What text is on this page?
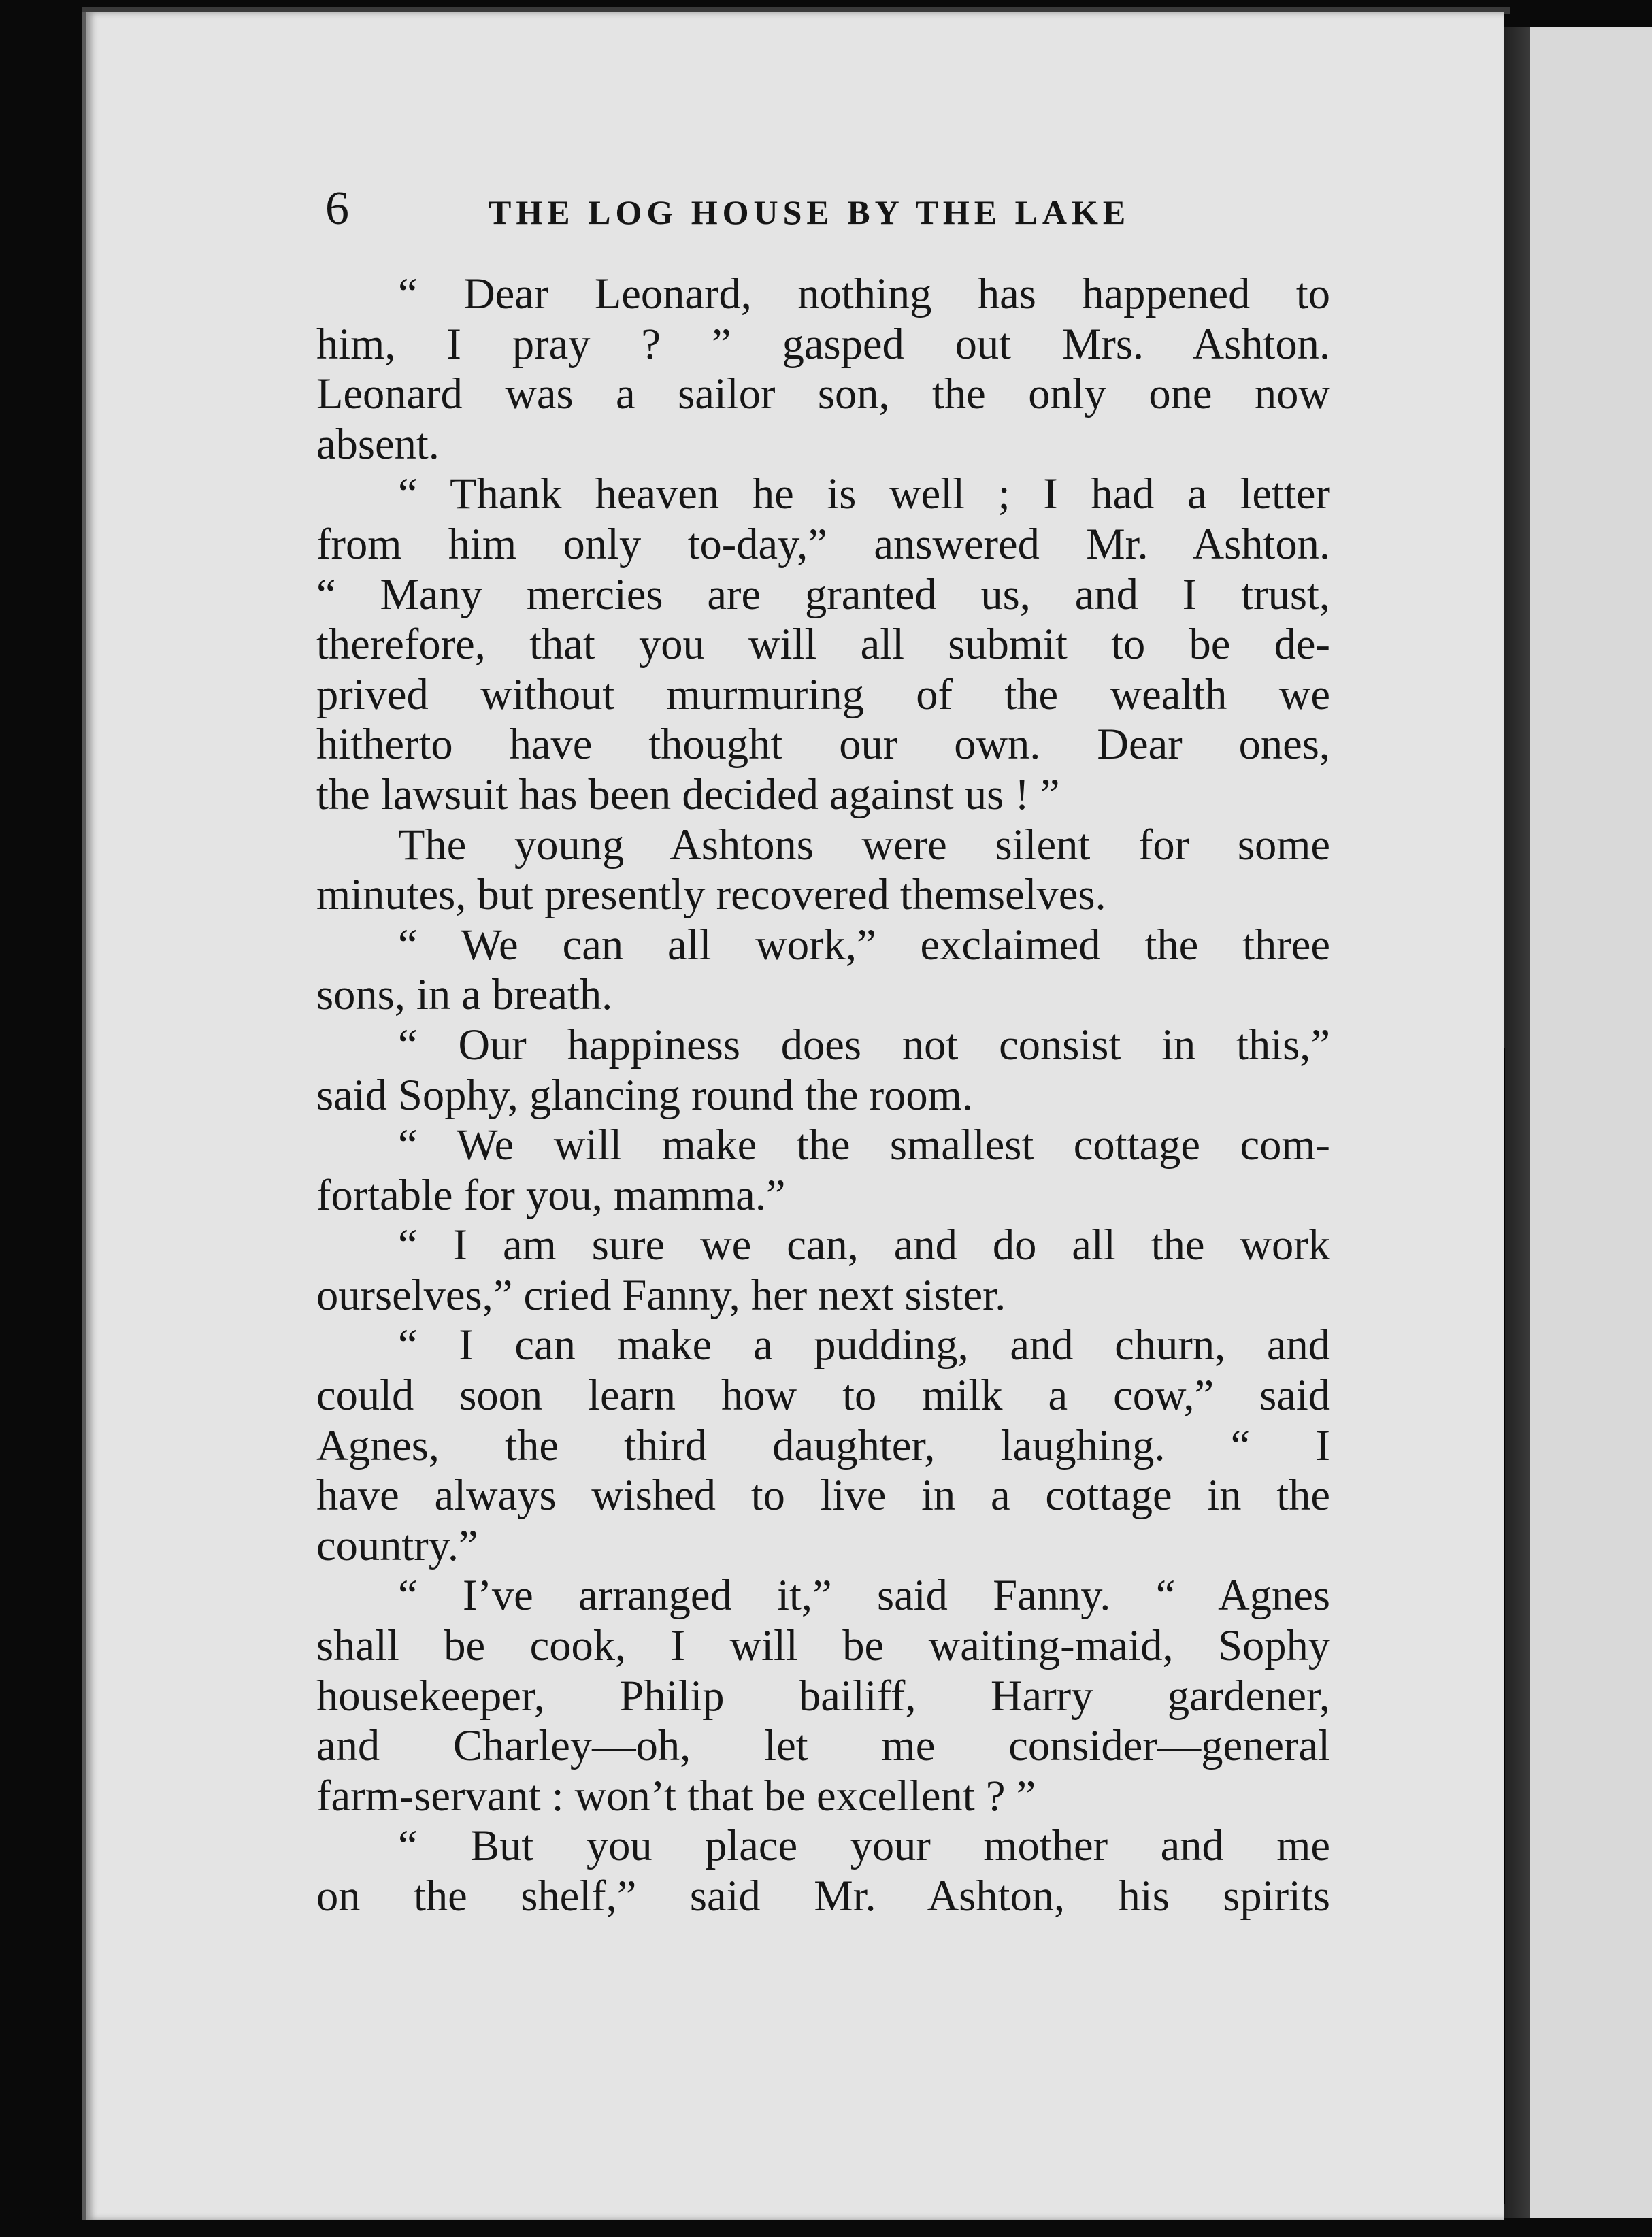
6	THE LOG HOUSE BY THE LAKE
“ Dear Leonard, nothing has happened to
him, I pray ? ” gasped out Mrs. Ashton.
Leonard was a sailor son, the only one now
absent.
“ Thank heaven he is well ; I had a letter
from him only to-day,” answered Mr. Ashton.
“ Many mercies are granted us, and I trust,
therefore, that you will all submit to be de-
prived without murmuring of the wealth we
hitherto have thought our own. Dear ones,
the lawsuit has been decided against us ! ”
The young Ashtons were silent for some
minutes, but presently recovered themselves.
“ We can all work,” exclaimed the three
sons, in a breath.
“ Our happiness does not consist in this,”
said Sophy, glancing round the room.
“ We will make the smallest cottage com-
fortable for you, mamma.”
“ I am sure we can, and do all the work
ourselves,” cried Fanny, her next sister.
“ I can make a pudding, and churn, and
could soon learn how to milk a cow,” said
Agnes, the third daughter, laughing. “ I
have always wished to live in a cottage in the
country.”
“ I’ve arranged it,” said Fanny. “ Agnes
shall be cook, I will be waiting-maid, Sophy
housekeeper, Philip bailiff, Harry gardener,
and Charley—oh, let me consider—general
farm-servant : won’t that be excellent ? ”
“ But you place your mother and me
on the shelf,” said Mr. Ashton, his spirits
